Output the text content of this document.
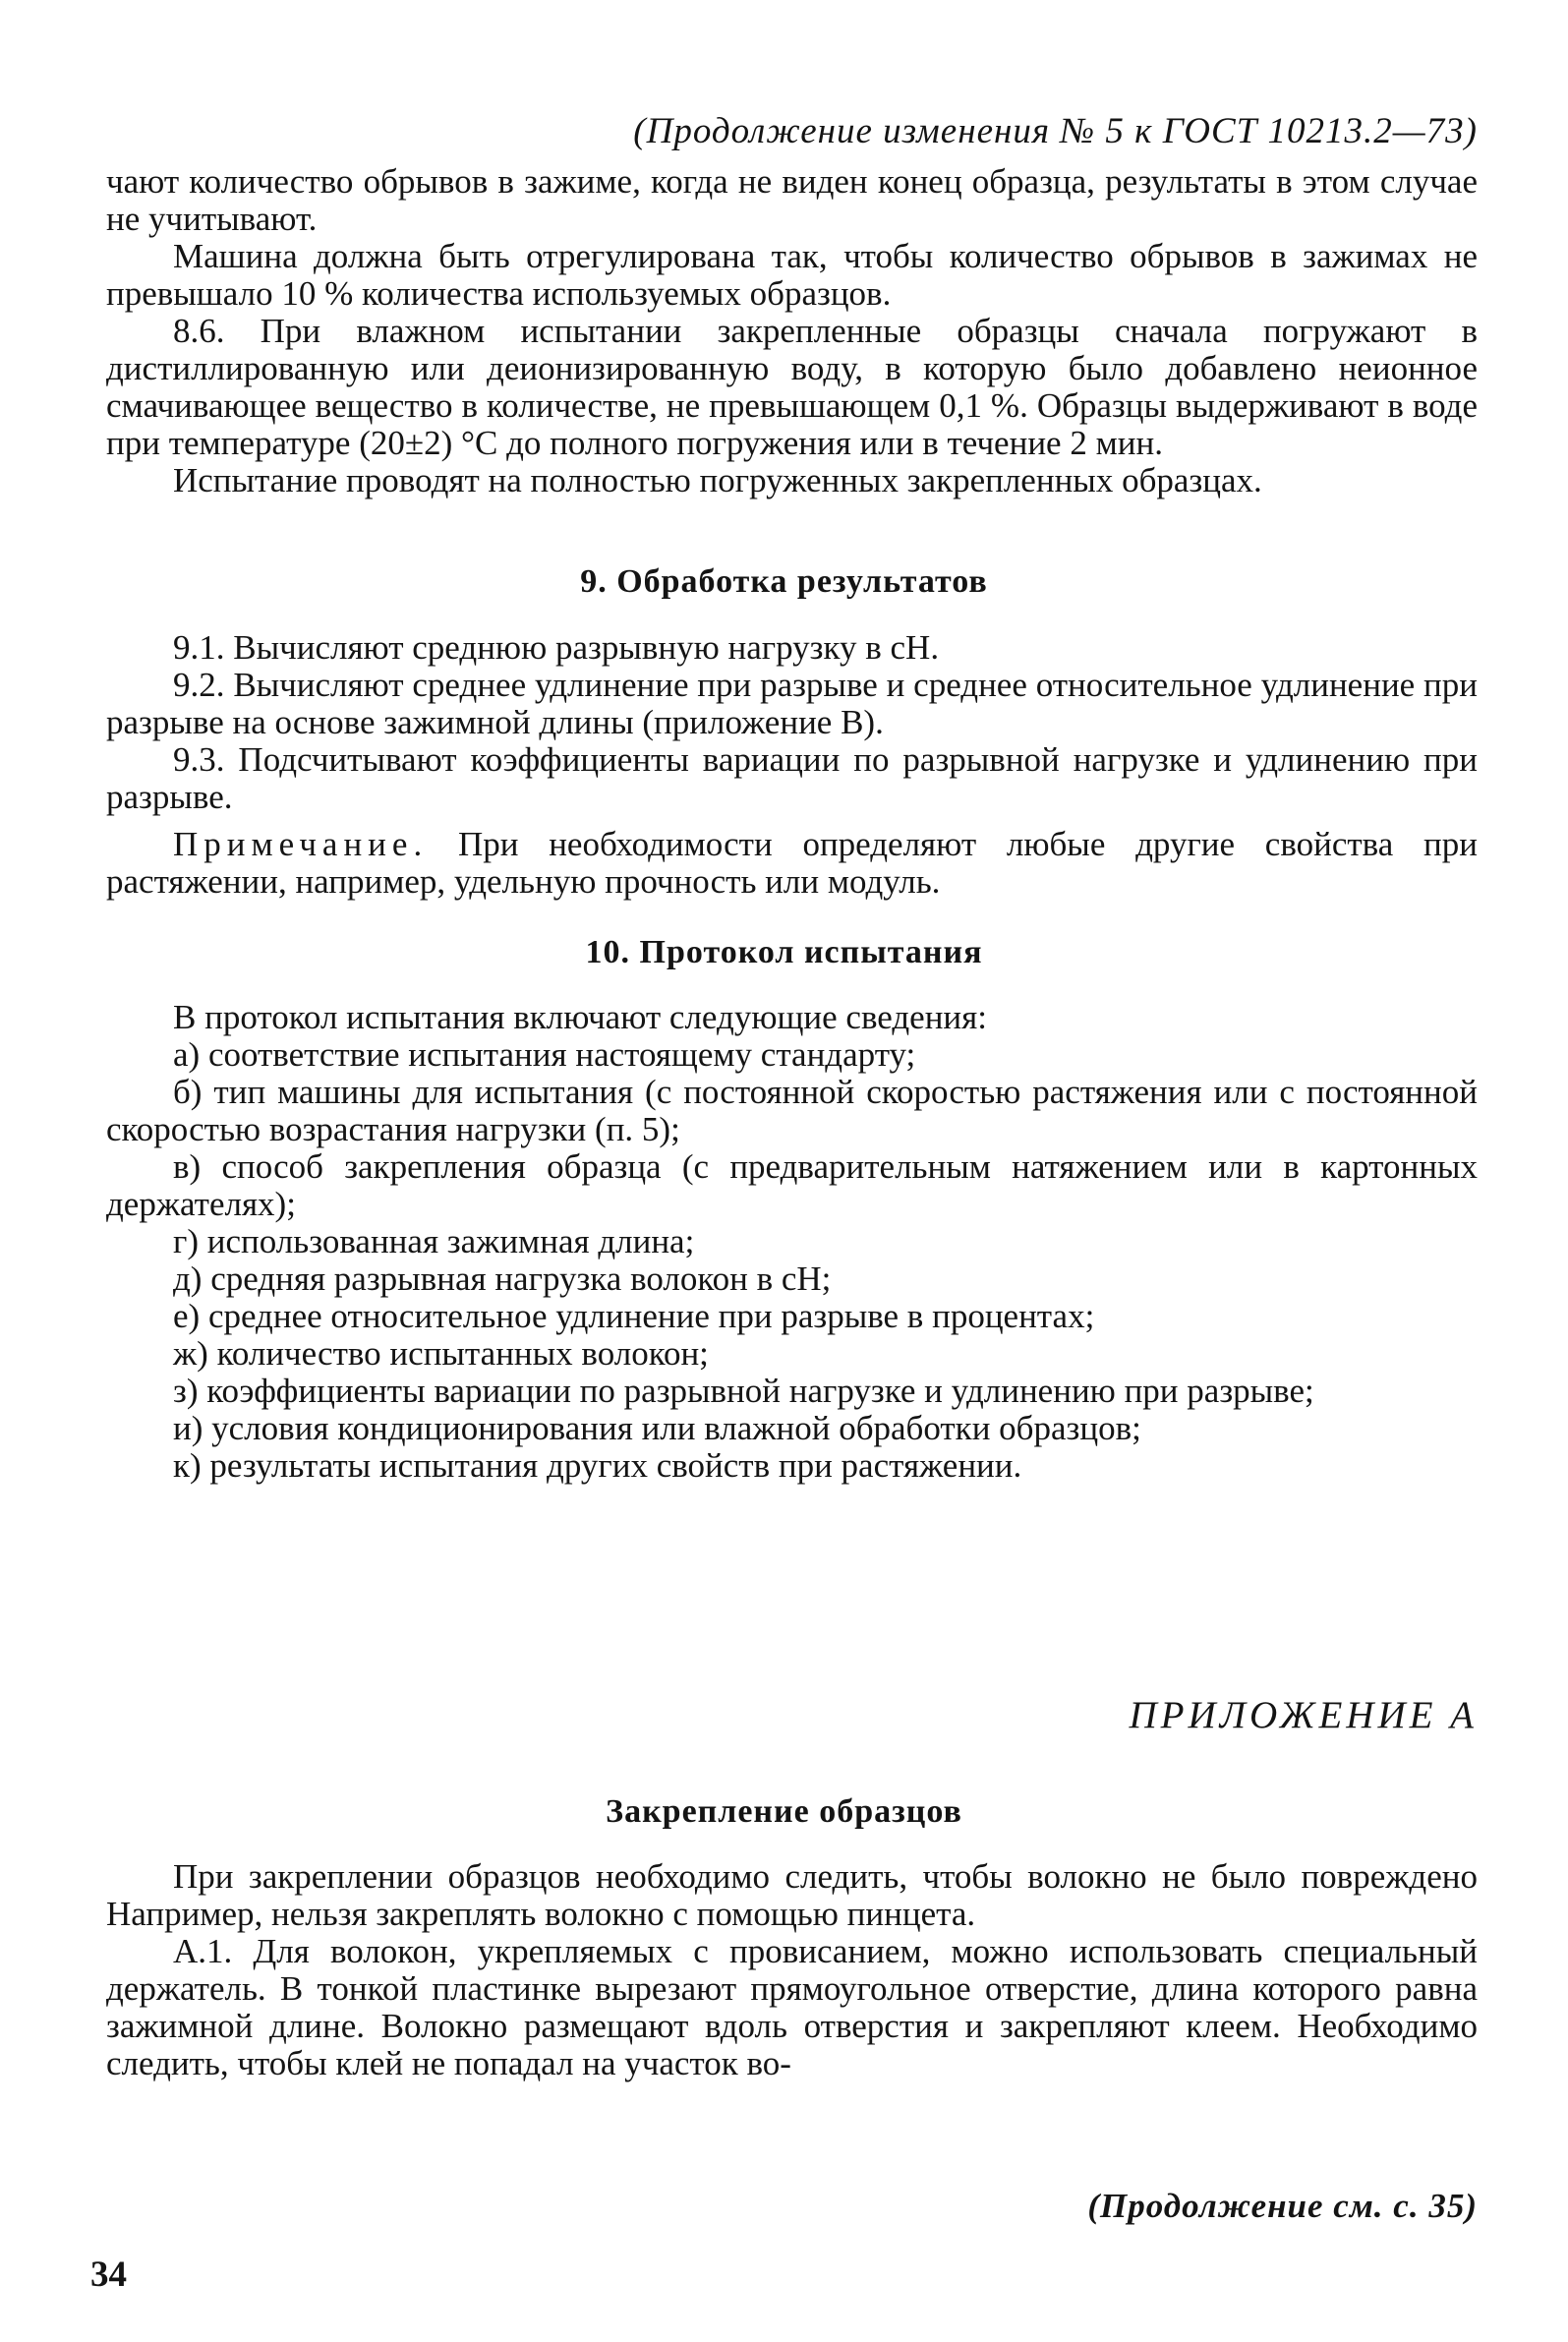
(Продолжение изменения № 5 к ГОСТ 10213.2—73)

чают количество обрывов в зажиме, когда не виден конец образца, результаты в этом случае не учитывают.

Машина должна быть отрегулирована так, чтобы количество обрывов в зажимах не превышало 10 % количества используемых образцов.

8.6. При влажном испытании закрепленные образцы сначала погружают в дистиллированную или деионизированную воду, в которую было добавлено неионное смачивающее вещество в количестве, не превышающем 0,1 %. Образцы выдерживают в воде при температуре (20±2) °С до полного погружения или в течение 2 мин.

Испытание проводят на полностью погруженных закрепленных образцах.

9. Обработка результатов

9.1. Вычисляют среднюю разрывную нагрузку в сН.

9.2. Вычисляют среднее удлинение при разрыве и среднее относительное удлинение при разрыве на основе зажимной длины (приложение В).

9.3. Подсчитывают коэффициенты вариации по разрывной нагрузке и удлинению при разрыве.

Примечание. При необходимости определяют любые другие свойства при растяжении, например, удельную прочность или модуль.

10. Протокол испытания

В протокол испытания включают следующие сведения:

а) соответствие испытания настоящему стандарту;

б) тип машины для испытания (с постоянной скоростью растяжения или с постоянной скоростью возрастания нагрузки (п. 5);

в) способ закрепления образца (с предварительным натяжением или в картонных держателях);

г) использованная зажимная длина;

д) средняя разрывная нагрузка волокон в сН;

е) среднее относительное удлинение при разрыве в процентах;

ж) количество испытанных волокон;

з) коэффициенты вариации по разрывной нагрузке и удлинению при разрыве;

и) условия кондиционирования или влажной обработки образцов;

к) результаты испытания других свойств при растяжении.

ПРИЛОЖЕНИЕ А
Закрепление образцов

При закреплении образцов необходимо следить, чтобы волокно не было повреждено Например, нельзя закреплять волокно с помощью пинцета.

А.1. Для волокон, укрепляемых с провисанием, можно использовать специальный держатель. В тонкой пластинке вырезают прямоугольное отверстие, длина которого равна зажимной длине. Волокно размещают вдоль отверстия и закрепляют клеем. Необходимо следить, чтобы клей не попадал на участок во-

(Продолжение см. с. 35)
34
